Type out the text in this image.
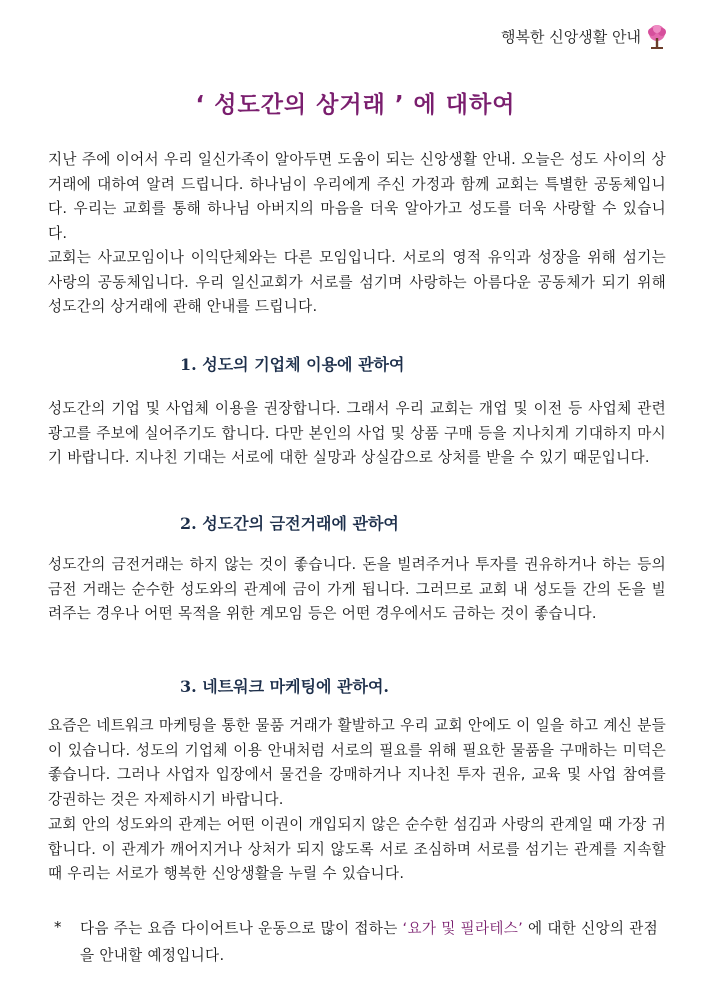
행복한 신앙생활 안내
‘ 성도간의 상거래 ’ 에 대하여

지난 주에 이어서 우리 일신가족이 알아두면 도움이 되는 신앙생활 안내. 오늘은 성도 사이의 상거래에 대하여 알려 드립니다. 하나님이 우리에게 주신 가정과 함께 교회는 특별한 공동체입니다. 우리는 교회를 통해 하나님 아버지의 마음을 더욱 알아가고 성도를 더욱 사랑할 수 있습니다.

교회는 사교모임이나 이익단체와는 다른 모임입니다. 서로의 영적 유익과 성장을 위해 섬기는 사랑의 공동체입니다. 우리 일신교회가 서로를 섬기며 사랑하는 아름다운 공동체가 되기 위해 성도간의 상거래에 관해 안내를 드립니다.

1. 성도의 기업체 이용에 관하여

성도간의 기업 및 사업체 이용을 권장합니다. 그래서 우리 교회는 개업 및 이전 등 사업체 관련 광고를 주보에 실어주기도 합니다. 다만 본인의 사업 및 상품 구매 등을 지나치게 기대하지 마시기 바랍니다. 지나친 기대는 서로에 대한 실망과 상실감으로 상처를 받을 수 있기 때문입니다.

2. 성도간의 금전거래에 관하여

성도간의 금전거래는 하지 않는 것이 좋습니다. 돈을 빌려주거나 투자를 권유하거나 하는 등의 금전 거래는 순수한 성도와의 관계에 금이 가게 됩니다. 그러므로 교회 내 성도들 간의 돈을 빌려주는 경우나 어떤 목적을 위한 계모임 등은 어떤 경우에서도 금하는 것이 좋습니다.

3. 네트워크 마케팅에 관하여.

요즘은 네트워크 마케팅을 통한 물품 거래가 활발하고 우리 교회 안에도 이 일을 하고 계신 분들이 있습니다. 성도의 기업체 이용 안내처럼 서로의 필요를 위해 필요한 물품을 구매하는 미덕은 좋습니다. 그러나 사업자 입장에서 물건을 강매하거나 지나친 투자 권유, 교육 및 사업 참여를 강권하는 것은 자제하시기 바랍니다.

교회 안의 성도와의 관계는 어떤 이권이 개입되지 않은 순수한 섬김과 사랑의 관계일 때 가장 귀합니다. 이 관계가 깨어지거나 상처가 되지 않도록 서로 조심하며 서로를 섬기는 관계를 지속할 때 우리는 서로가 행복한 신앙생활을 누릴 수 있습니다.

* 다음 주는 요즘 다이어트나 운동으로 많이 접하는 ‘요가 및 필라테스’ 에 대한 신앙의 관점을 안내할 예정입니다.
